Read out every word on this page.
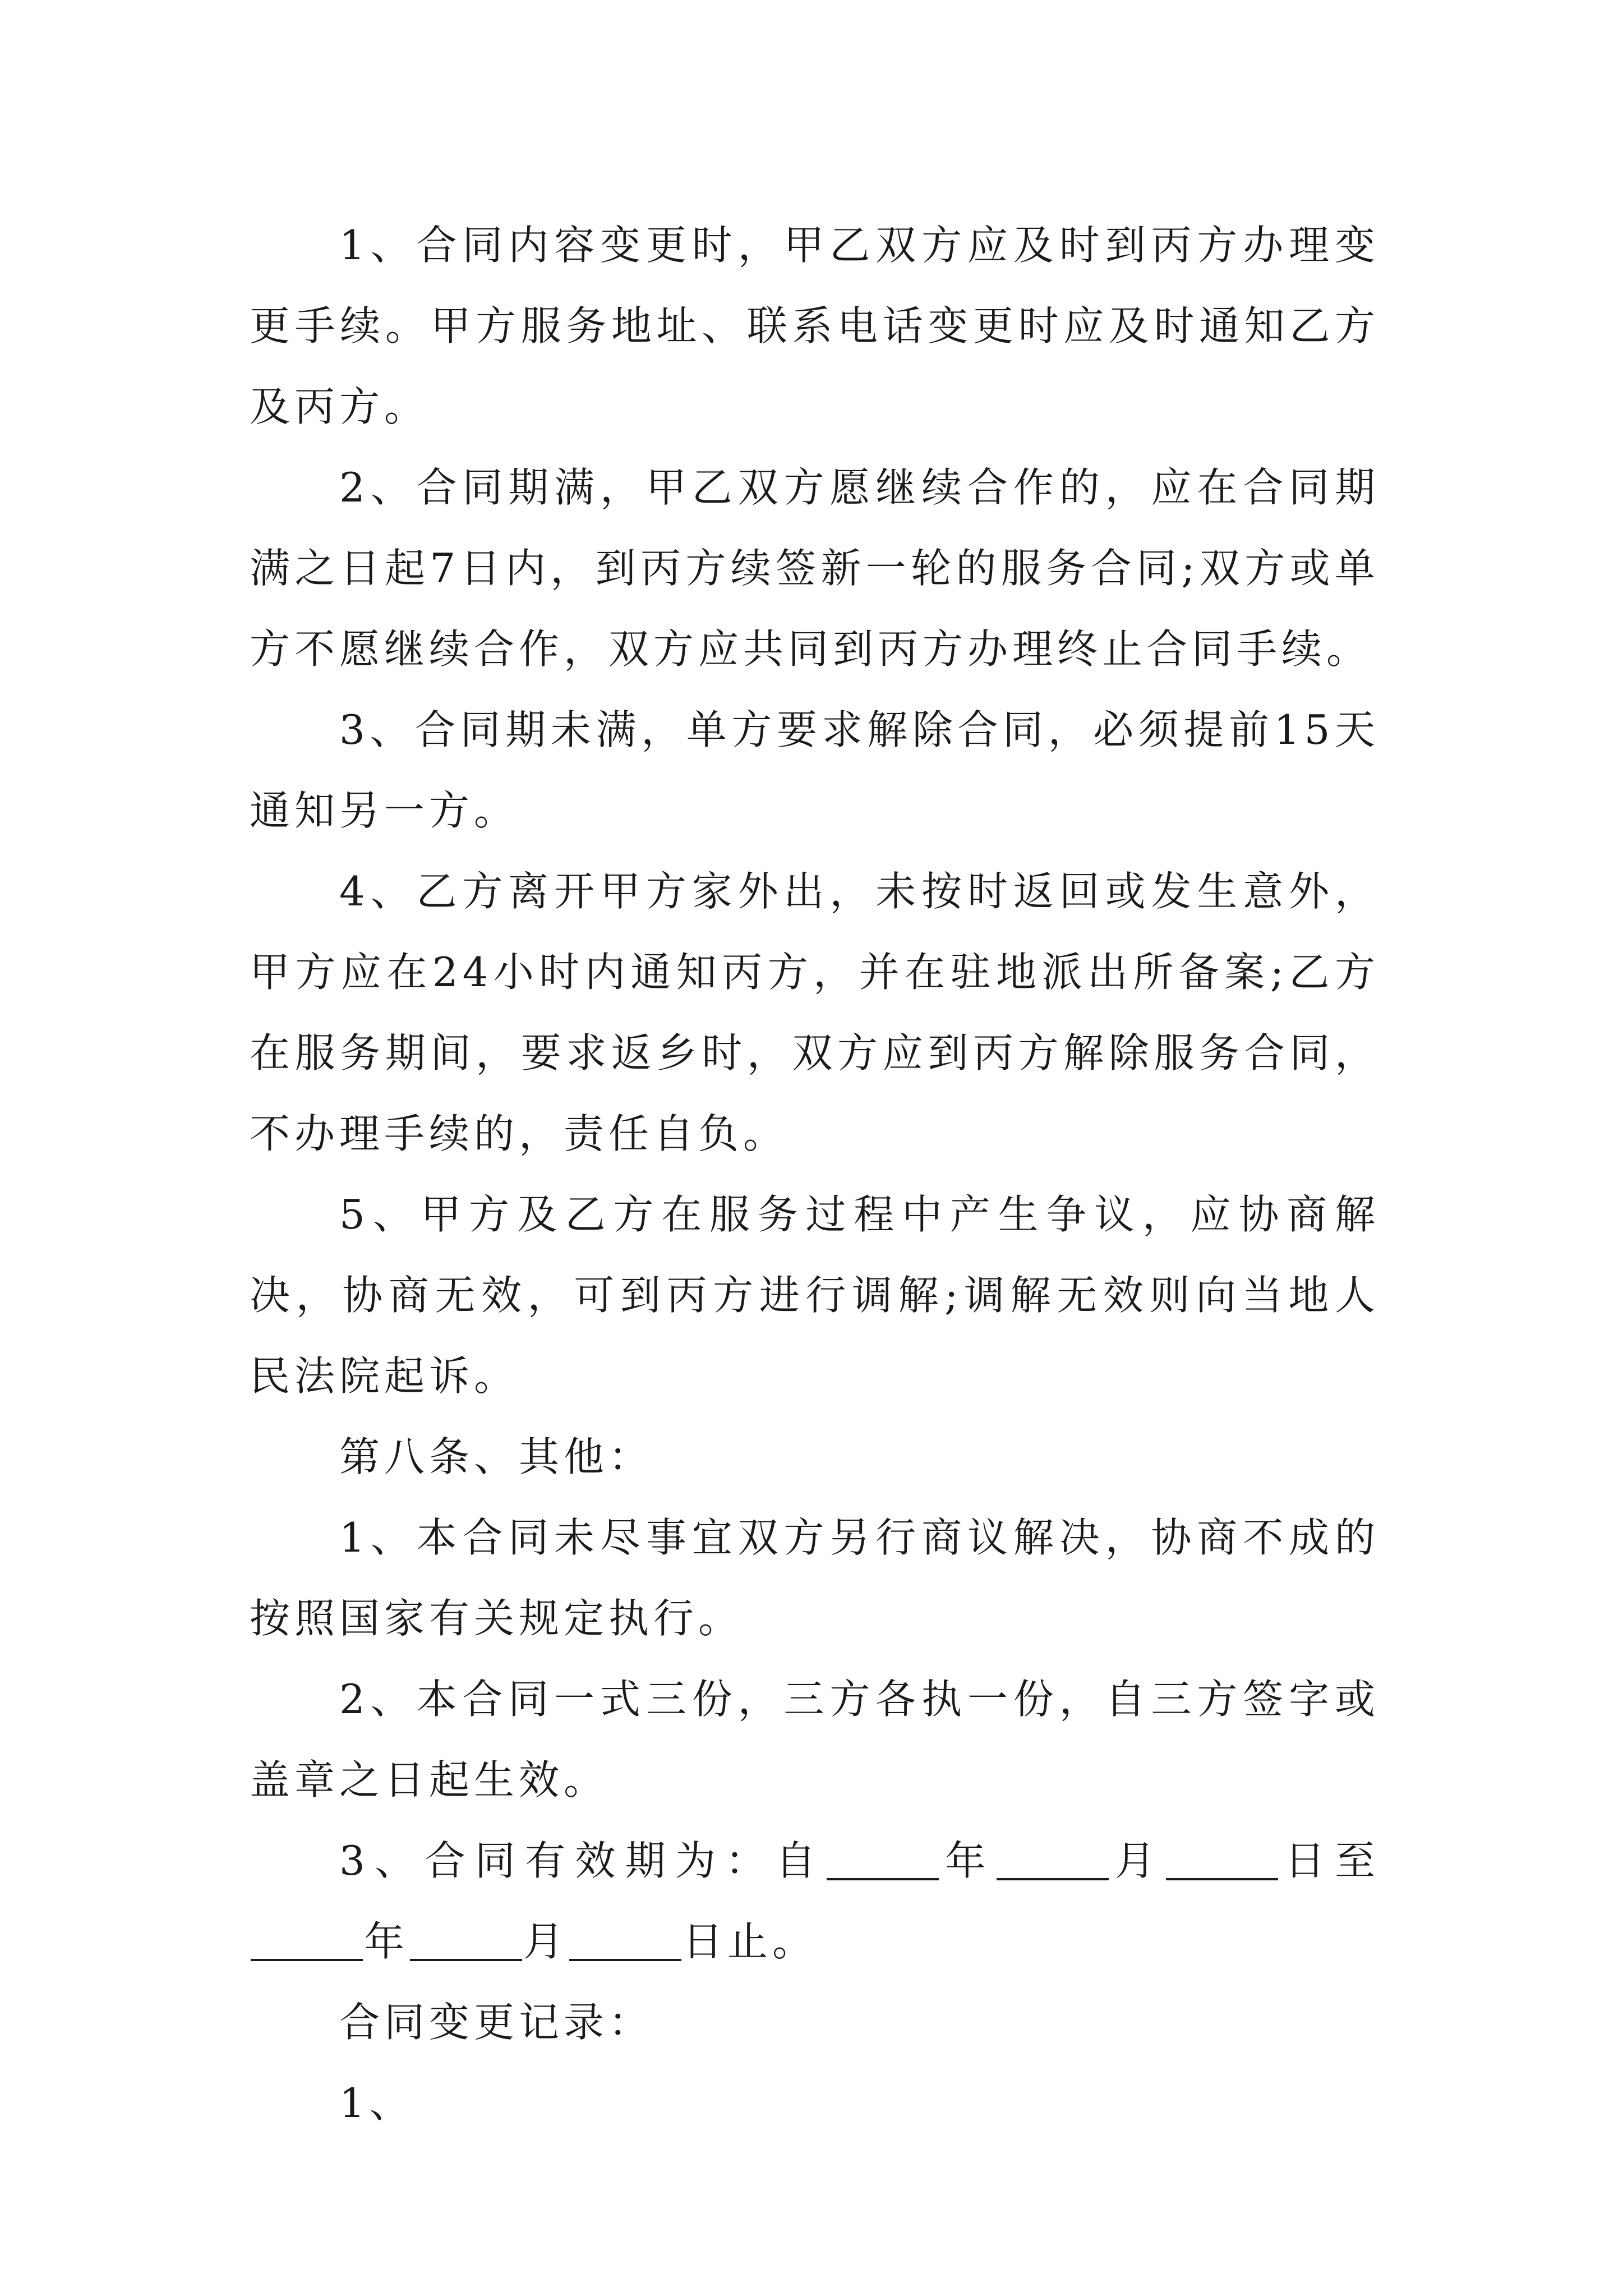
1、合同内容变更时，甲乙双方应及时到丙方办理变更手续。甲方服务地址、联系电话变更时应及时通知乙方及丙方。

2、合同期满，甲乙双方愿继续合作的，应在合同期满之日起7日内，到丙方续签新一轮的服务合同;双方或单方不愿继续合作，双方应共同到丙方办理终止合同手续。

3、合同期未满，单方要求解除合同，必须提前15天通知另一方。

4、乙方离开甲方家外出，未按时返回或发生意外，甲方应在24小时内通知丙方，并在驻地派出所备案;乙方在服务期间，要求返乡时，双方应到丙方解除服务合同，不办理手续的，责任自负。

5、甲方及乙方在服务过程中产生争议，应协商解决，协商无效，可到丙方进行调解;调解无效则向当地人民法院起诉。

第八条、其他：

1、本合同未尽事宜双方另行商议解决，协商不成的按照国家有关规定执行。

2、本合同一式三份，三方各执一份，自三方签字或盖章之日起生效。

3、合同有效期为：自	年	月	日至年	月	日止。

合同变更记录：

1、
